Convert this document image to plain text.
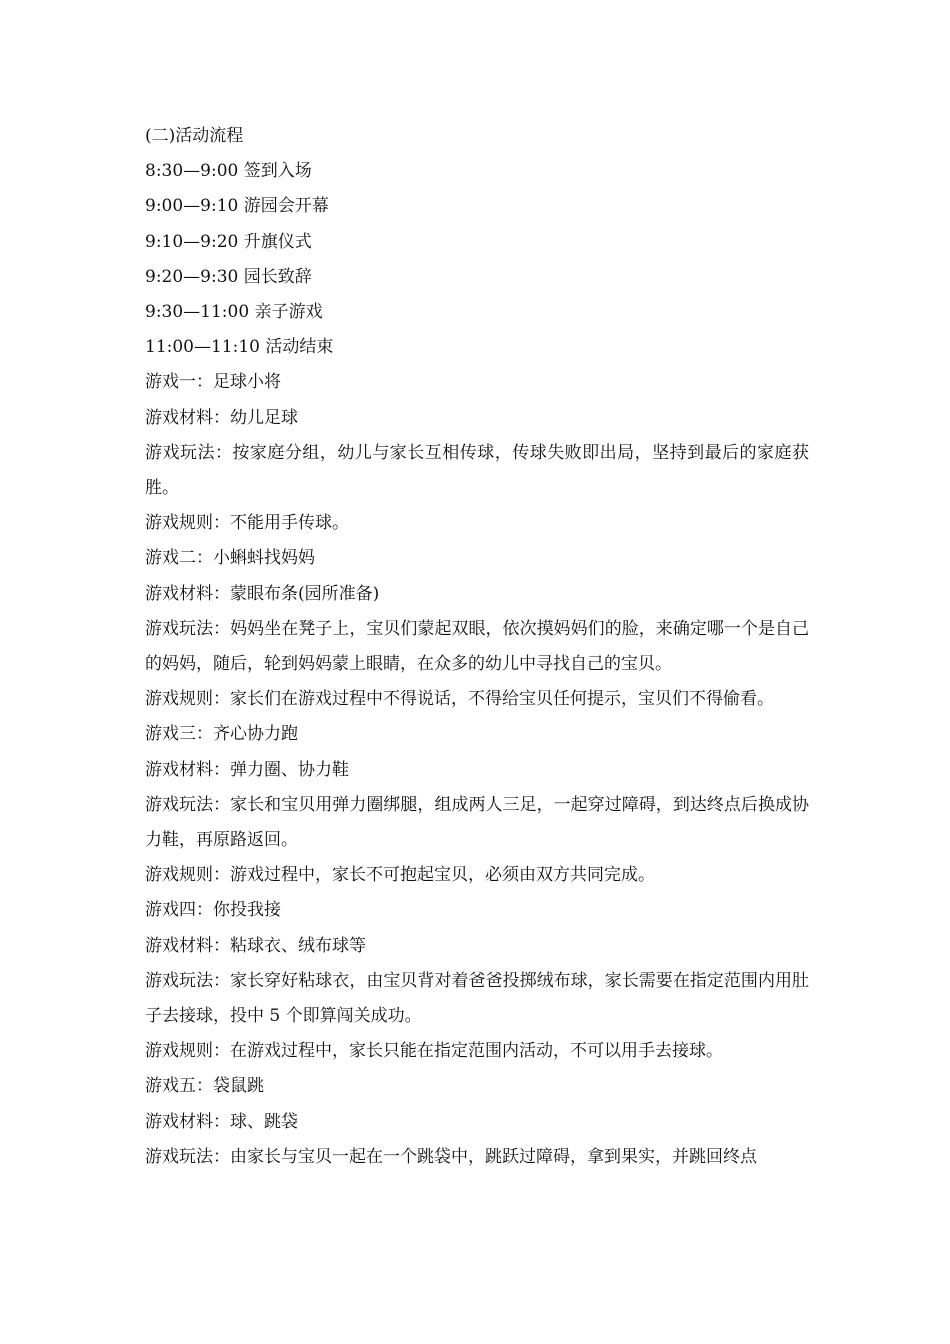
(二)活动流程

8:30—9:00 签到入场

9:00—9:10 游园会开幕

9:10—9:20 升旗仪式

9:20—9:30 园长致辞

9:30—11:00 亲子游戏

11:00—11:10 活动结束

游戏一：足球小将

游戏材料：幼儿足球

游戏玩法：按家庭分组，幼儿与家长互相传球，传球失败即出局，坚持到最后的家庭获胜。

游戏规则：不能用手传球。

游戏二：小蝌蚪找妈妈

游戏材料：蒙眼布条(园所准备)

游戏玩法：妈妈坐在凳子上，宝贝们蒙起双眼，依次摸妈妈们的脸，来确定哪一个是自己的妈妈，随后，轮到妈妈蒙上眼睛，在众多的幼儿中寻找自己的宝贝。

游戏规则：家长们在游戏过程中不得说话，不得给宝贝任何提示，宝贝们不得偷看。

游戏三：齐心协力跑

游戏材料：弹力圈、协力鞋

游戏玩法：家长和宝贝用弹力圈绑腿，组成两人三足，一起穿过障碍，到达终点后换成协力鞋，再原路返回。

游戏规则：游戏过程中，家长不可抱起宝贝，必须由双方共同完成。

游戏四：你投我接

游戏材料：粘球衣、绒布球等

游戏玩法：家长穿好粘球衣，由宝贝背对着爸爸投掷绒布球，家长需要在指定范围内用肚子去接球，投中 5 个即算闯关成功。

游戏规则：在游戏过程中，家长只能在指定范围内活动，不可以用手去接球。

游戏五：袋鼠跳

游戏材料：球、跳袋

游戏玩法：由家长与宝贝一起在一个跳袋中，跳跃过障碍，拿到果实，并跳回终点
